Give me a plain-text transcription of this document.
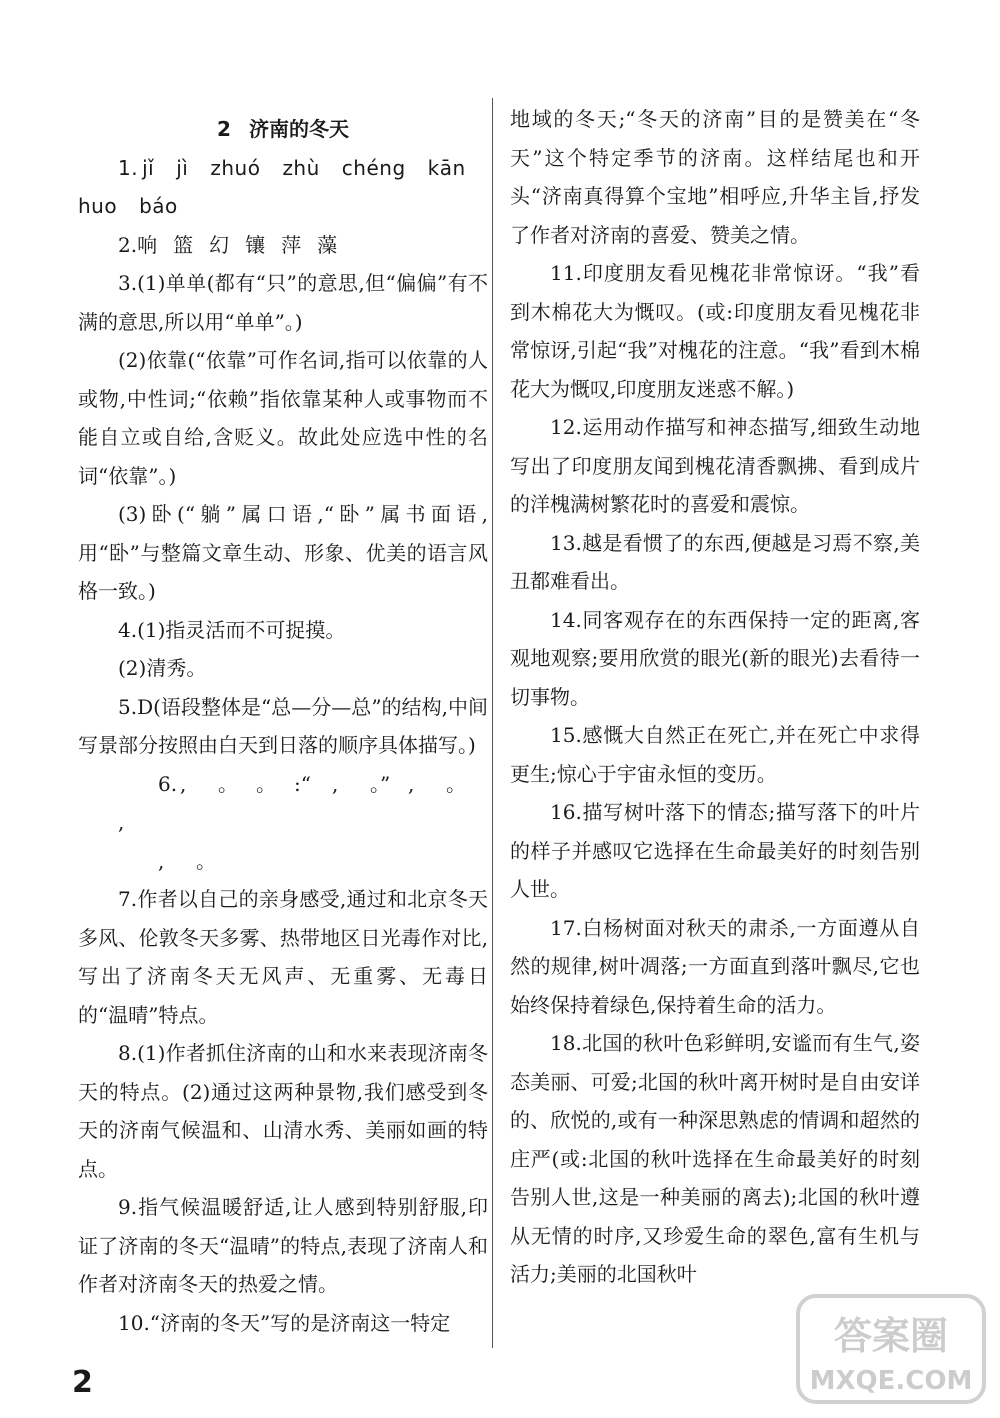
2 济南的冬天

1. jǐ jì zhuó zhù chéng kān

huo báo

2.响 篮 幻 镶 萍 藻

3.(1)单单(都有“只”的意思,但“偏偏”有不满的意思,所以用“单单”。)

(2)依靠(“依靠”可作名词,指可以依靠的人或物,中性词;“依赖”指依靠某种人或事物而不能自立或自给,含贬义。故此处应选中性的名词“依靠”。)

(3)卧(“躺”属口语,“卧”属书面语,用“卧”与整篇文章生动、形象、优美的语言风格一致。)

4.(1)指灵活而不可捉摸。

(2)清秀。

5.D(语段整体是“总—分—总”的结构,中间写景部分按照由白天到日落的顺序具体描写。)

6. , 。 。 :“ , 。” , 。,

, 。

7.作者以自己的亲身感受,通过和北京冬天多风、伦敦冬天多雾、热带地区日光毒作对比,写出了济南冬天无风声、无重雾、无毒日的“温晴”特点。

8.(1)作者抓住济南的山和水来表现济南冬天的特点。(2)通过这两种景物,我们感受到冬天的济南气候温和、山清水秀、美丽如画的特点。

9.指气候温暖舒适,让人感到特别舒服,印证了济南的冬天“温晴”的特点,表现了济南人和作者对济南冬天的热爱之情。

10.“济南的冬天”写的是济南这一特定

地域的冬天;“冬天的济南”目的是赞美在“冬天”这个特定季节的济南。这样结尾也和开头“济南真得算个宝地”相呼应,升华主旨,抒发了作者对济南的喜爱、赞美之情。

11.印度朋友看见槐花非常惊讶。“我”看到木棉花大为慨叹。(或:印度朋友看见槐花非常惊讶,引起“我”对槐花的注意。“我”看到木棉花大为慨叹,印度朋友迷惑不解。)

12.运用动作描写和神态描写,细致生动地写出了印度朋友闻到槐花清香飘拂、看到成片的洋槐满树繁花时的喜爱和震惊。

13.越是看惯了的东西,便越是习焉不察,美丑都难看出。

14.同客观存在的东西保持一定的距离,客观地观察;要用欣赏的眼光(新的眼光)去看待一切事物。

15.感慨大自然正在死亡,并在死亡中求得更生;惊心于宇宙永恒的变历。

16.描写树叶落下的情态;描写落下的叶片的样子并感叹它选择在生命最美好的时刻告别人世。

17.白杨树面对秋天的肃杀,一方面遵从自然的规律,树叶凋落;一方面直到落叶飘尽,它也始终保持着绿色,保持着生命的活力。

18.北国的秋叶色彩鲜明,安谧而有生气,姿态美丽、可爱;北国的秋叶离开树时是自由安详的、欣悦的,或有一种深思熟虑的情调和超然的庄严(或:北国的秋叶选择在生命最美好的时刻告别人世,这是一种美丽的离去);北国的秋叶遵从无情的时序,又珍爱生命的翠色,富有生机与活力;美丽的北国秋叶

2
答案圈
MXQE.COM
